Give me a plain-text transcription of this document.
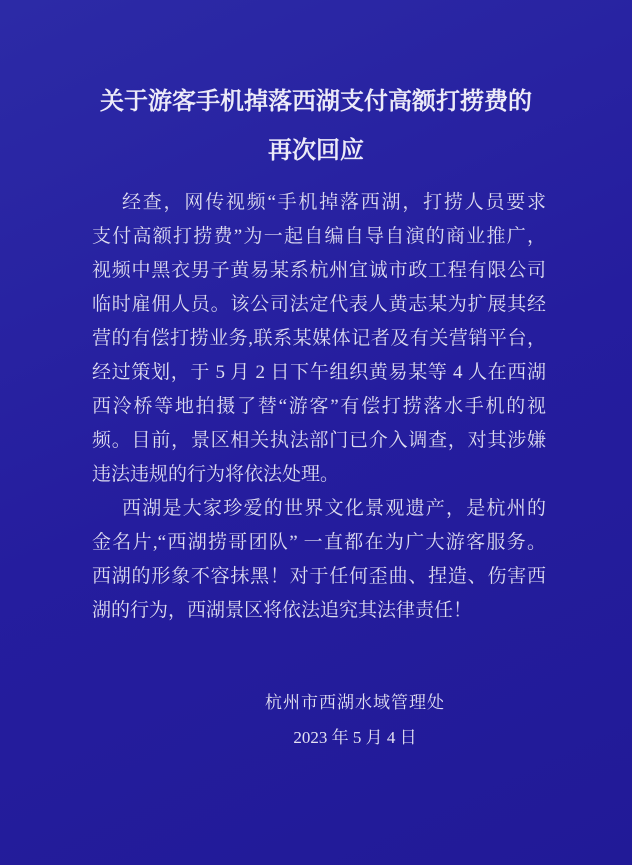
关于游客手机掉落西湖支付高额打捞费的
再次回应
经查，网传视频“手机掉落西湖，打捞人员要求
支付高额打捞费”为一起自编自导自演的商业推广，
视频中黑衣男子黄易某系杭州宜诚市政工程有限公司
临时雇佣人员。该公司法定代表人黄志某为扩展其经
营的有偿打捞业务,联系某媒体记者及有关营销平台，
经过策划，于 5 月 2 日下午组织黄易某等 4 人在西湖
西泠桥等地拍摄了替“游客”有偿打捞落水手机的视
频。目前，景区相关执法部门已介入调查，对其涉嫌
违法违规的行为将依法处理。
西湖是大家珍爱的世界文化景观遗产，是杭州的
金名片,“西湖捞哥团队” 一直都在为广大游客服务。
西湖的形象不容抹黑！对于任何歪曲、捏造、伤害西
湖的行为，西湖景区将依法追究其法律责任！
杭州市西湖水域管理处
2023 年 5 月 4 日
